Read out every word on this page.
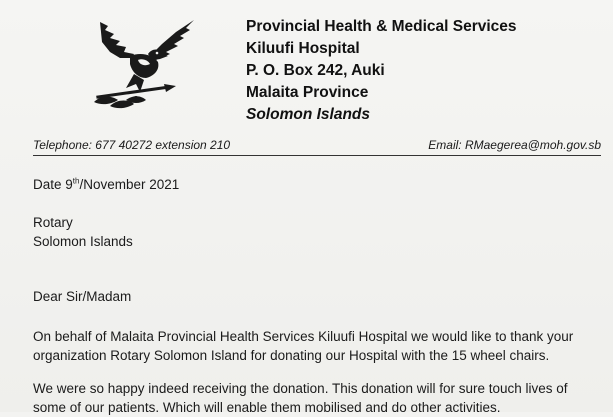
Provincial Health & Medical Services
Kiluufi Hospital
P. O. Box 242, Auki
Malaita Province
Solomon Islands
Telephone: 677 40272 extension 210	Email: RMaegerea@moh.gov.sb
Date 9th/November 2021
Rotary
Solomon Islands
Dear Sir/Madam
On behalf of Malaita Provincial Health Services Kiluufi Hospital we would like to thank your
organization Rotary Solomon Island for donating our Hospital with the 15 wheel chairs.
We were so happy indeed receiving the donation. This donation will for sure touch lives of
some of our patients. Which will enable them mobilised and do other activities.
